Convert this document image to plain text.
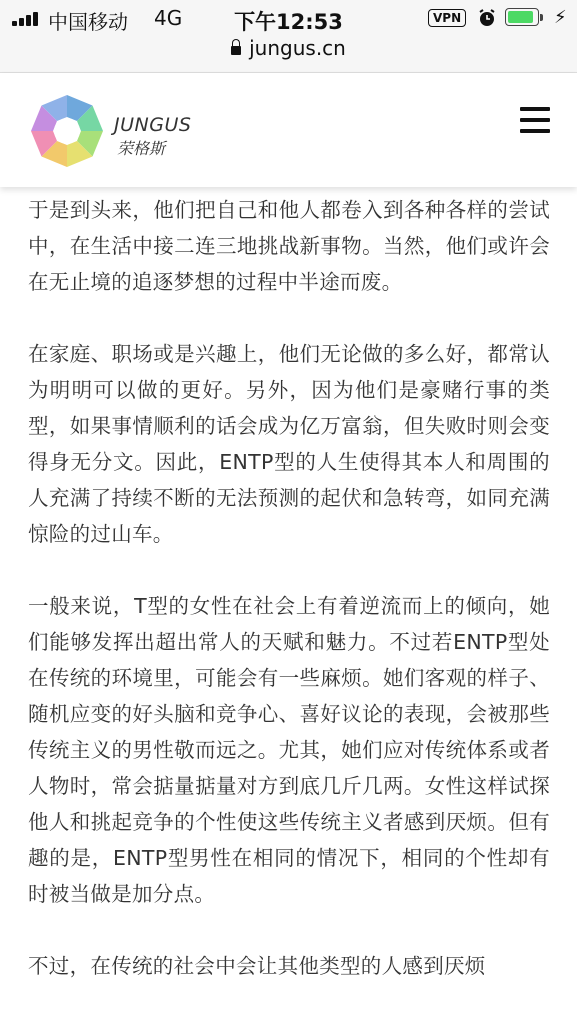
中国移动 4G	下午12:53	VPN	⚡
jungus.cn
JUNGUS
荣格斯

于是到头来，他们把自己和他人都卷入到各种各样的尝试中，在生活中接二连三地挑战新事物。当然，他们或许会在无止境的追逐梦想的过程中半途而废。

在家庭、职场或是兴趣上，他们无论做的多么好，都常认为明明可以做的更好。另外，因为他们是豪赌行事的类型，如果事情顺利的话会成为亿万富翁，但失败时则会变得身无分文。因此，ENTP型的人生使得其本人和周围的人充满了持续不断的无法预测的起伏和急转弯，如同充满惊险的过山车。

一般来说，T型的女性在社会上有着逆流而上的倾向，她们能够发挥出超出常人的天赋和魅力。不过若ENTP型处在传统的环境里，可能会有一些麻烦。她们客观的样子、随机应变的好头脑和竞争心、喜好议论的表现，会被那些传统主义的男性敬而远之。尤其，她们应对传统体系或者人物时，常会掂量掂量对方到底几斤几两。女性这样试探他人和挑起竞争的个性使这些传统主义者感到厌烦。但有趣的是，ENTP型男性在相同的情况下，相同的个性却有时被当做是加分点。

不过，在传统的社会中会让其他类型的人感到厌烦
